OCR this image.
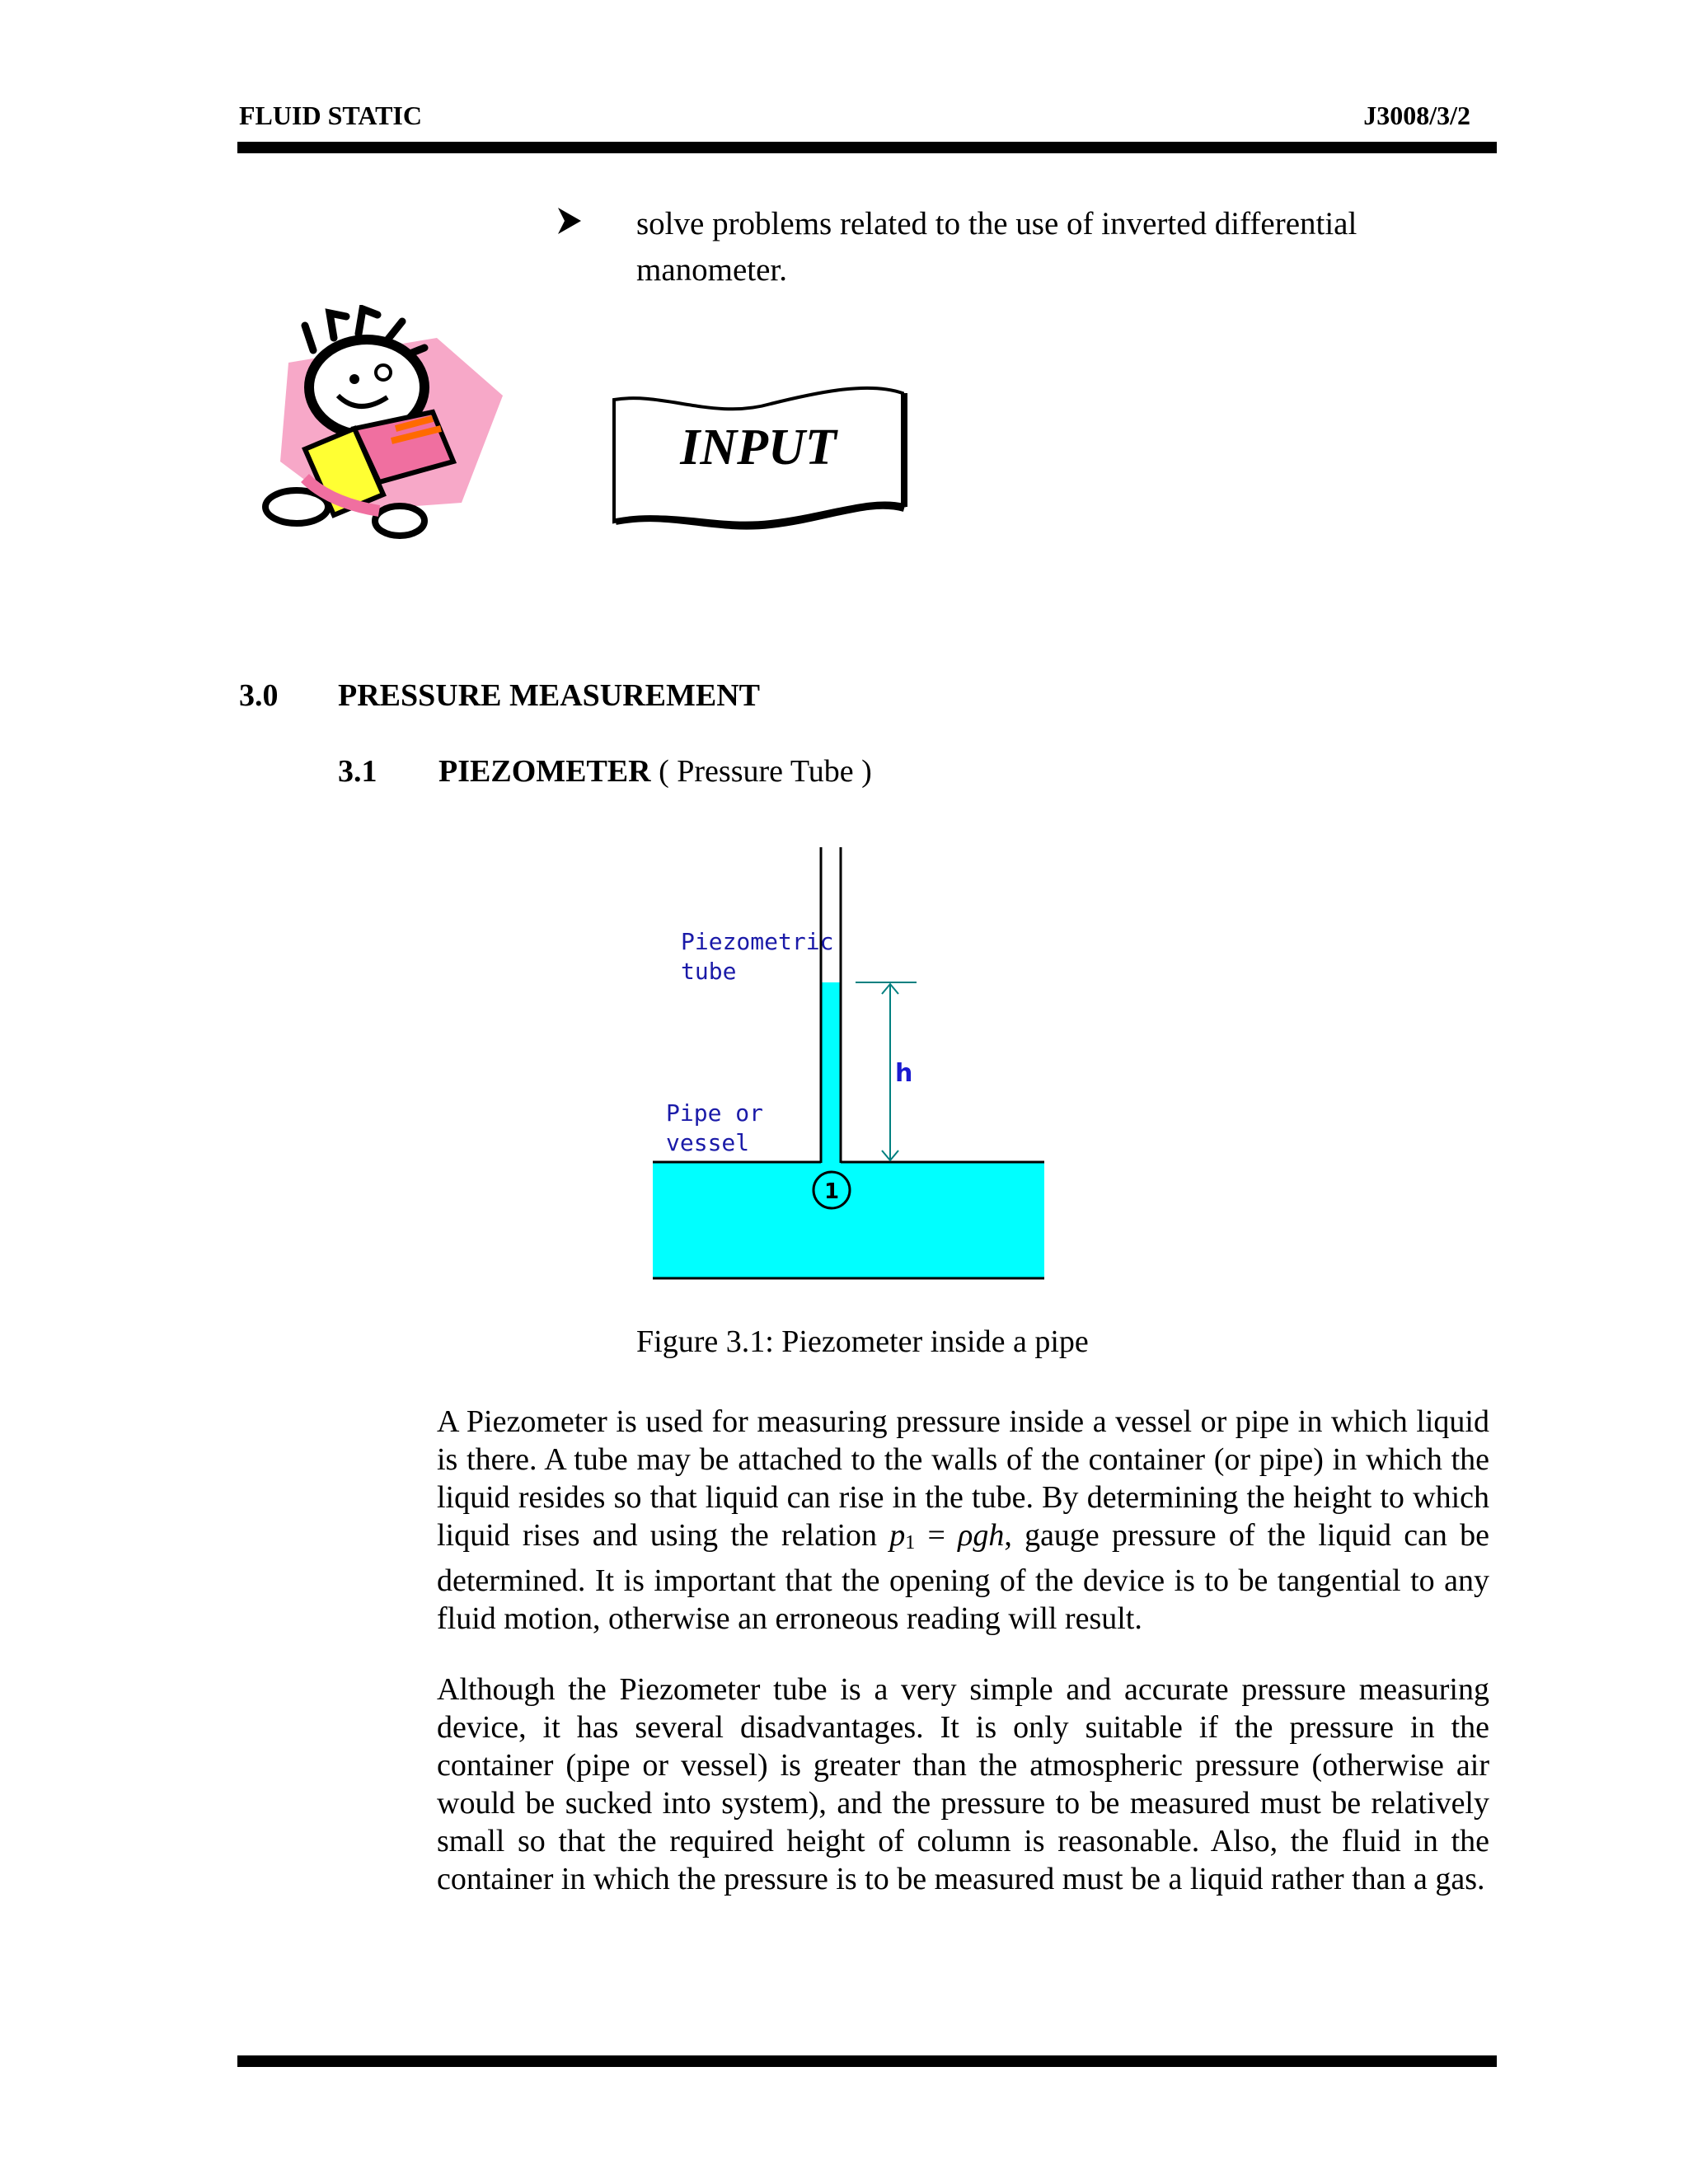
FLUID STATIC	J3008/3/2
solve problems related to the use of inverted differential
manometer.
INPUT
3.0 PRESSURE MEASUREMENT
3.1 PIEZOMETER ( Pressure Tube )
h
1
Piezometric
tube
Pipe or
vessel
Figure 3.1: Piezometer inside a pipe
A Piezometer is used for measuring pressure inside a vessel or pipe in which liquid is there. A tube may be attached to the walls of the container (or pipe) in which the liquid resides so that liquid can rise in the tube. By determining the height to which liquid rises and using the relation $p_1 = \rho gh$, gauge pressure of the liquid can be determined. It is important that the opening of the device is to be tangential to any fluid motion, otherwise an erroneous reading will result.
Although the Piezometer tube is a very simple and accurate pressure measuring device, it has several disadvantages. It is only suitable if the pressure in the container (pipe or vessel) is greater than the atmospheric pressure (otherwise air would be sucked into system), and the pressure to be measured must be relatively small so that the required height of column is reasonable. Also, the fluid in the container in which the pressure is to be measured must be a liquid rather than a gas.
